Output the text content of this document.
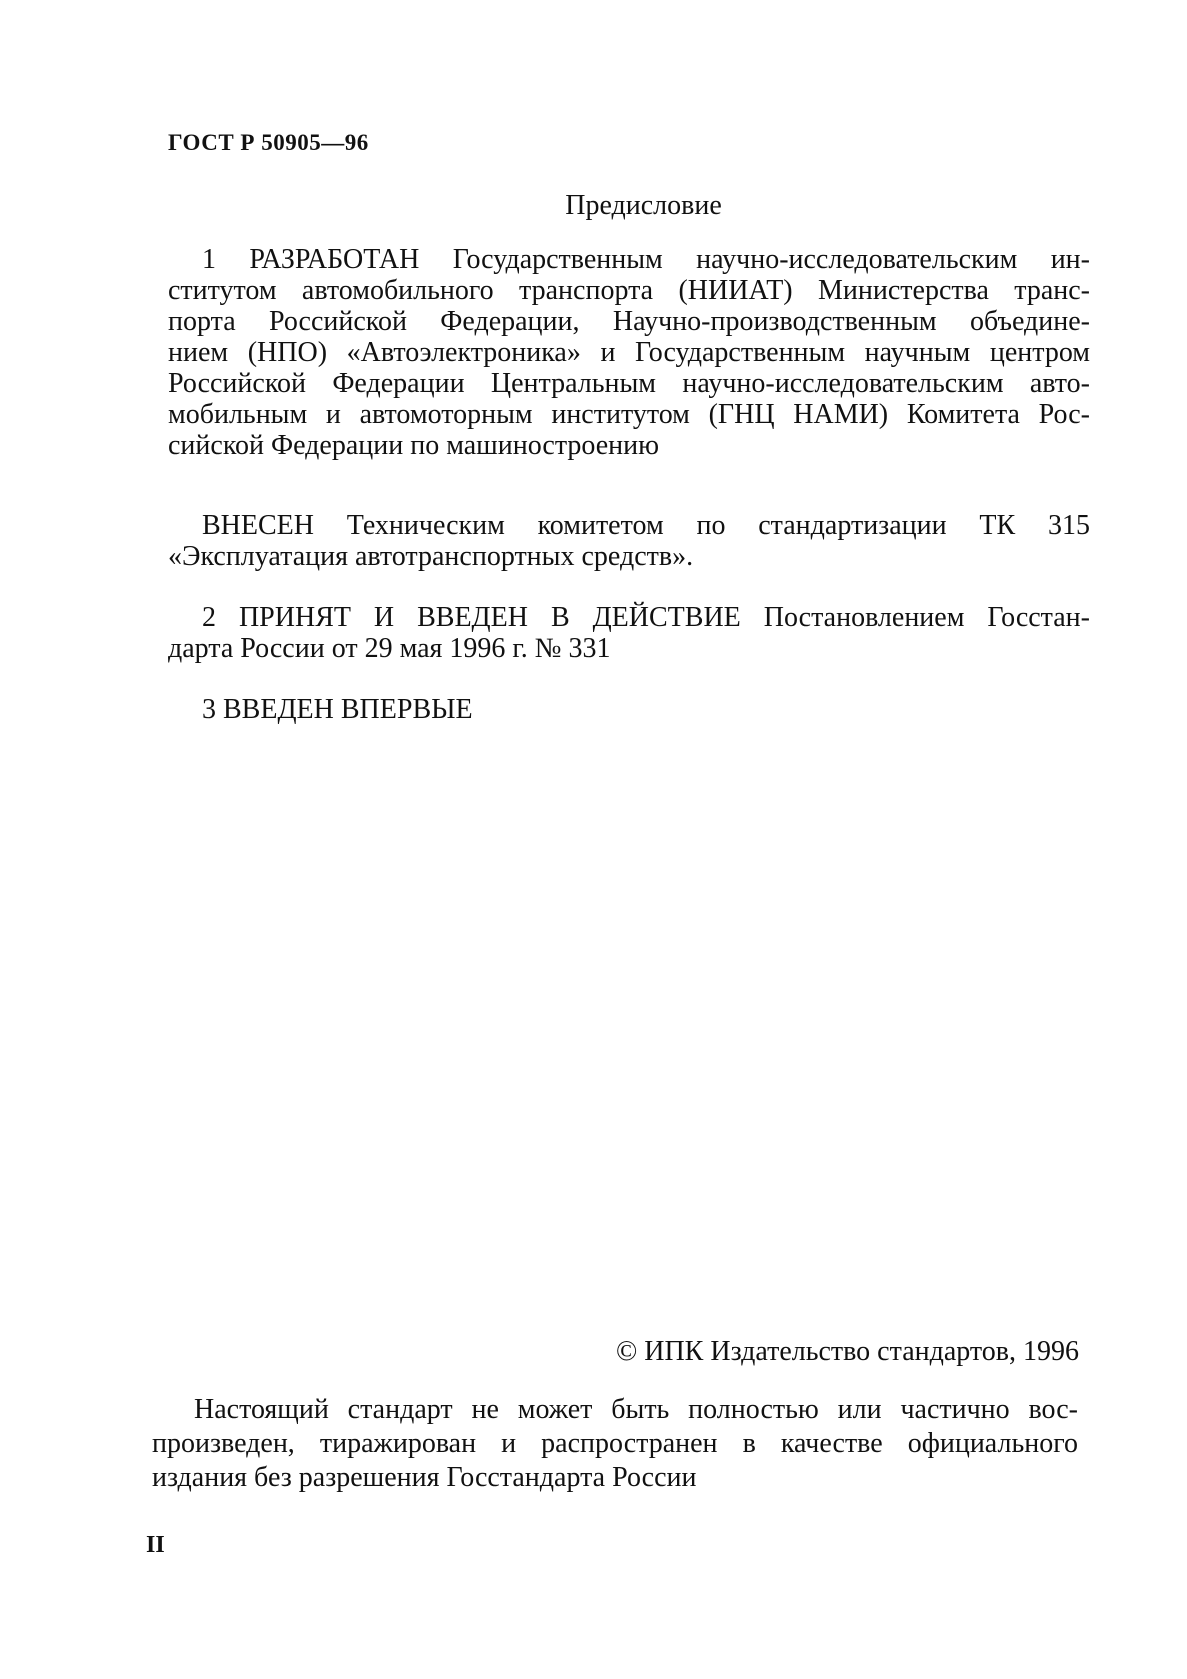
ГОСТ Р 50905—96
Предисловие
1 РАЗРАБОТАН Государственным научно-исследовательским ин-
ститутом автомобильного транспорта (НИИАТ) Министерства транс-
порта Российской Федерации, Научно-производственным объедине-
нием (НПО) «Автоэлектроника» и Государственным научным центром
Российской Федерации Центральным научно-исследовательским авто-
мобильным и автомоторным институтом (ГНЦ НАМИ) Комитета Рос-
сийской Федерации по машиностроению
ВНЕСЕН Техническим комитетом по стандартизации ТК 315
«Эксплуатация автотранспортных средств».
2 ПРИНЯТ И ВВЕДЕН В ДЕЙСТВИЕ Постановлением Госстан-
дарта России от 29 мая 1996 г. № 331
3 ВВЕДЕН ВПЕРВЫЕ
© ИПК Издательство стандартов, 1996
Настоящий стандарт не может быть полностью или частично вос-
произведен, тиражирован и распространен в качестве официального
издания без разрешения Госстандарта России
II
